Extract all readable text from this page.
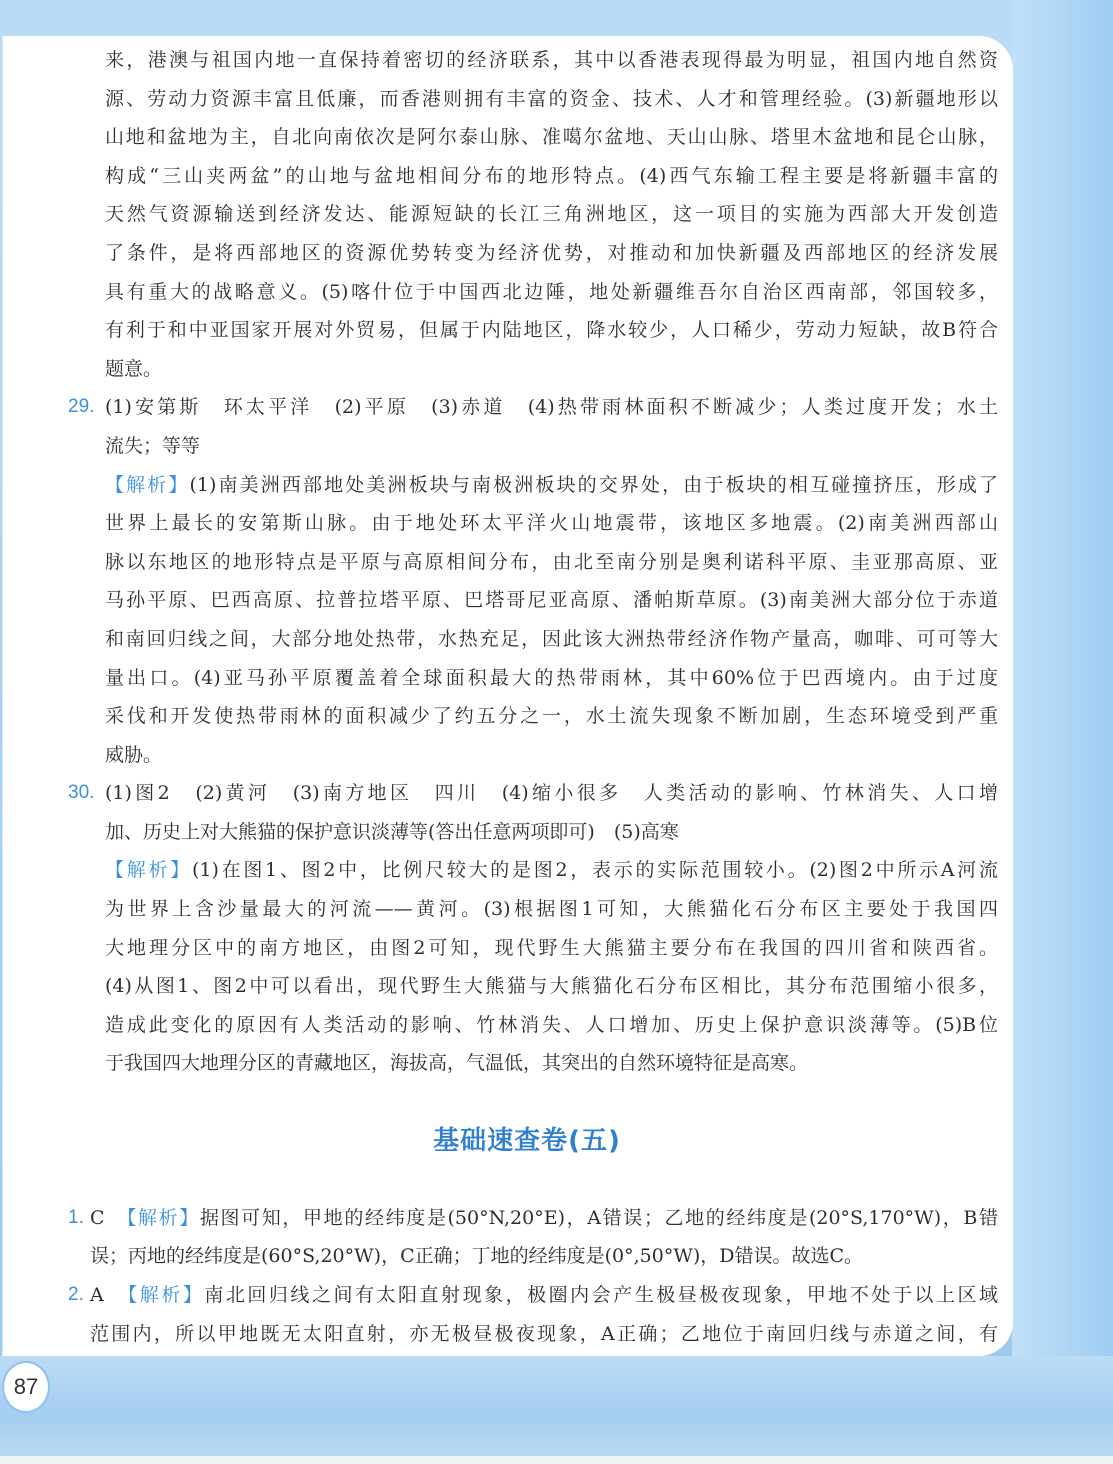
来，港澳与祖国内地一直保持着密切的经济联系，其中以香港表现得最为明显，祖国内地自然资
源、劳动力资源丰富且低廉，而香港则拥有丰富的资金、技术、人才和管理经验。(3)新疆地形以
山地和盆地为主，自北向南依次是阿尔泰山脉、准噶尔盆地、天山山脉、塔里木盆地和昆仑山脉，
构成“三山夹两盆”的山地与盆地相间分布的地形特点。(4)西气东输工程主要是将新疆丰富的
天然气资源输送到经济发达、能源短缺的长江三角洲地区，这一项目的实施为西部大开发创造
了条件，是将西部地区的资源优势转变为经济优势，对推动和加快新疆及西部地区的经济发展
具有重大的战略意义。(5)喀什位于中国西北边陲，地处新疆维吾尔自治区西南部，邻国较多，
有利于和中亚国家开展对外贸易，但属于内陆地区，降水较少，人口稀少，劳动力短缺，故B符合
题意。
29. (1)安第斯　环太平洋　(2)平原　(3)赤道　(4)热带雨林面积不断减少；人类过度开发；水土
流失；等等
【解析】(1)南美洲西部地处美洲板块与南极洲板块的交界处，由于板块的相互碰撞挤压，形成了
世界上最长的安第斯山脉。由于地处环太平洋火山地震带，该地区多地震。(2)南美洲西部山
脉以东地区的地形特点是平原与高原相间分布，由北至南分别是奥利诺科平原、圭亚那高原、亚
马孙平原、巴西高原、拉普拉塔平原、巴塔哥尼亚高原、潘帕斯草原。(3)南美洲大部分位于赤道
和南回归线之间，大部分地处热带，水热充足，因此该大洲热带经济作物产量高，咖啡、可可等大
量出口。(4)亚马孙平原覆盖着全球面积最大的热带雨林，其中60%位于巴西境内。由于过度
采伐和开发使热带雨林的面积减少了约五分之一，水土流失现象不断加剧，生态环境受到严重
威胁。
30. (1)图2　(2)黄河　(3)南方地区　四川　(4)缩小很多　人类活动的影响、竹林消失、人口增
加、历史上对大熊猫的保护意识淡薄等(答出任意两项即可)　(5)高寒
【解析】(1)在图1、图2中，比例尺较大的是图2，表示的实际范围较小。(2)图2中所示A河流
为世界上含沙量最大的河流——黄河。(3)根据图1可知，大熊猫化石分布区主要处于我国四
大地理分区中的南方地区，由图2可知，现代野生大熊猫主要分布在我国的四川省和陕西省。
(4)从图1、图2中可以看出，现代野生大熊猫与大熊猫化石分布区相比，其分布范围缩小很多，
造成此变化的原因有人类活动的影响、竹林消失、人口增加、历史上保护意识淡薄等。(5)B位
于我国四大地理分区的青藏地区，海拔高，气温低，其突出的自然环境特征是高寒。
基础速查卷(五)
1. C　 【解析】据图可知，甲地的经纬度是(50°N,20°E)，A错误；乙地的经纬度是(20°S,170°W)，B错
误；丙地的经纬度是(60°S,20°W)，C正确；丁地的经纬度是(0°,50°W)，D错误。故选C。
2. A　 【解析】南北回归线之间有太阳直射现象，极圈内会产生极昼极夜现象，甲地不处于以上区域
范围内，所以甲地既无太阳直射，亦无极昼极夜现象，A正确；乙地位于南回归线与赤道之间，有
87
